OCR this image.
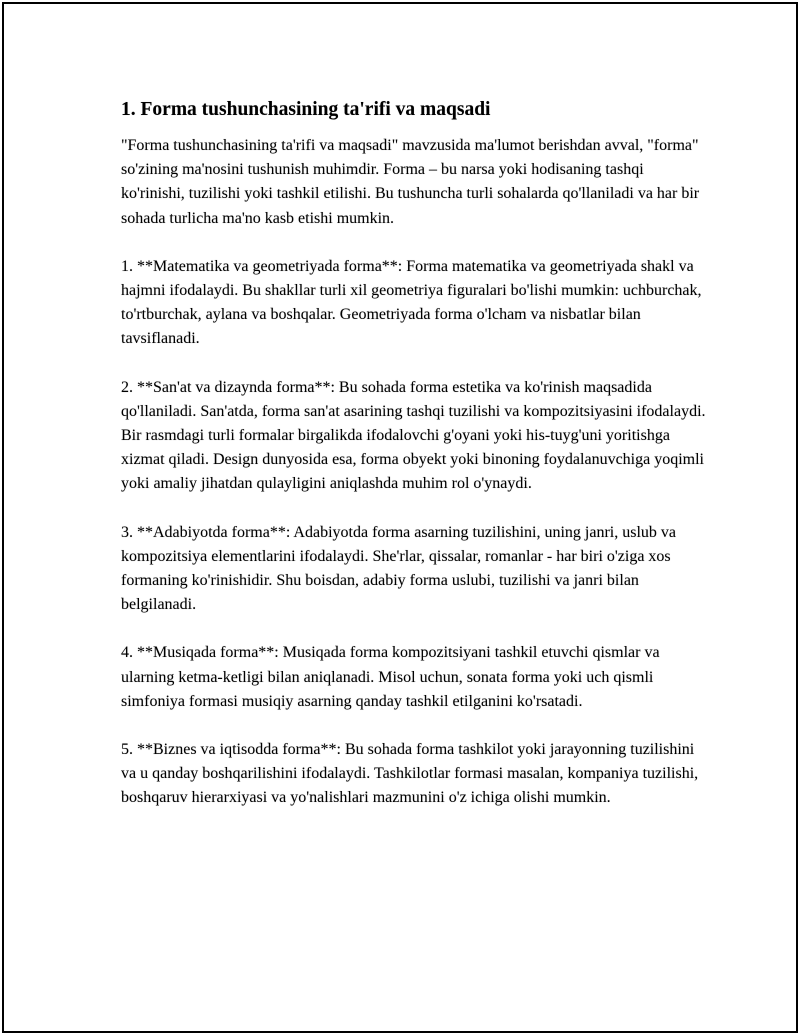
1. Forma tushunchasining ta'rifi va maqsadi

"Forma tushunchasining ta'rifi va maqsadi" mavzusida ma'lumot berishdan avval, "forma" so'zining ma'nosini tushunish muhimdir. Forma – bu narsa yoki hodisaning tashqi ko'rinishi, tuzilishi yoki tashkil etilishi. Bu tushuncha turli sohalarda qo'llaniladi va har bir sohada turlicha ma'no kasb etishi mumkin.

1. **Matematika va geometriyada forma**: Forma matematika va geometriyada shakl va hajmni ifodalaydi. Bu shakllar turli xil geometriya figuralari bo'lishi mumkin: uchburchak, to'rtburchak, aylana va boshqalar. Geometriyada forma o'lcham va nisbatlar bilan tavsiflanadi.

2. **San'at va dizaynda forma**: Bu sohada forma estetika va ko'rinish maqsadida qo'llaniladi. San'atda, forma san'at asarining tashqi tuzilishi va kompozitsiyasini ifodalaydi. Bir rasmdagi turli formalar birgalikda ifodalovchi g'oyani yoki his-tuyg'uni yoritishga xizmat qiladi. Design dunyosida esa, forma obyekt yoki binoning foydalanuvchiga yoqimli yoki amaliy jihatdan qulayligini aniqlashda muhim rol o'ynaydi.

3. **Adabiyotda forma**: Adabiyotda forma asarning tuzilishini, uning janri, uslub va kompozitsiya elementlarini ifodalaydi. She'rlar, qissalar, romanlar - har biri o'ziga xos formaning ko'rinishidir. Shu boisdan, adabiy forma uslubi, tuzilishi va janri bilan belgilanadi.

4. **Musiqada forma**: Musiqada forma kompozitsiyani tashkil etuvchi qismlar va ularning ketma-ketligi bilan aniqlanadi. Misol uchun, sonata forma yoki uch qismli simfoniya formasi musiqiy asarning qanday tashkil etilganini ko'rsatadi.

5. **Biznes va iqtisodda forma**: Bu sohada forma tashkilot yoki jarayonning tuzilishini va u qanday boshqarilishini ifodalaydi. Tashkilotlar formasi masalan, kompaniya tuzilishi, boshqaruv hierarxiyasi va yo'nalishlari mazmunini o'z ichiga olishi mumkin.
